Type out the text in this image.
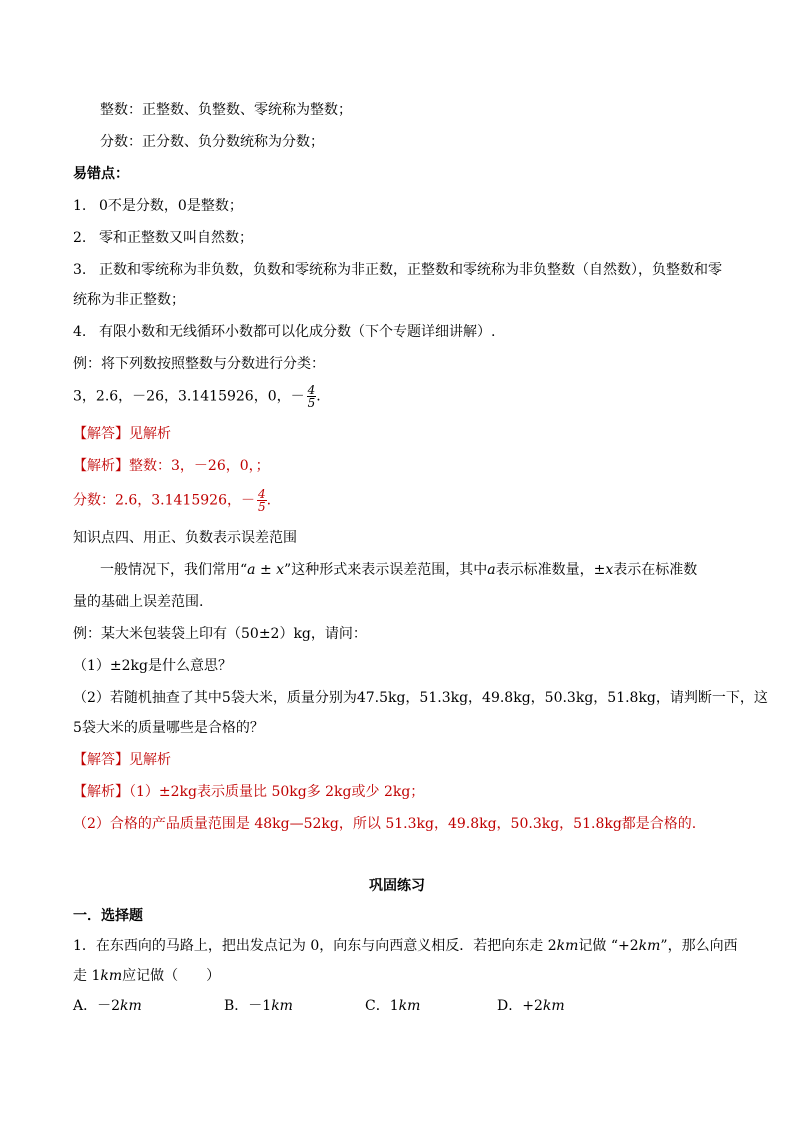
整数：正整数、负整数、零统称为整数；
分数：正分数、负分数统称为分数；
易错点：
1. 0不是分数，0是整数；
2. 零和正整数又叫自然数；
3. 正数和零统称为非负数，负数和零统称为非正数，正整数和零统称为非负整数（自然数），负整数和零
统称为非正整数；
4. 有限小数和无线循环小数都可以化成分数（下个专题详细讲解）.
例：将下列数按照整数与分数进行分类：
3，2.6，－26，3.1415926，0，－ $\frac{4}{5}$ .
【解答】见解析
【解析】整数：3，－26，0，；
分数：2.6，3.1415926，－ $\frac{4}{5}$ .
知识点四、用正、负数表示误差范围
一般情况下，我们常用“a ± x”这种形式来表示误差范围，其中a表示标准数量，±x表示在标准数
量的基础上误差范围.
例：某大米包装袋上印有（50±2）kg，请问：
（1）±2kg是什么意思？
（2）若随机抽查了其中5袋大米，质量分别为47.5kg，51.3kg，49.8kg，50.3kg，51.8kg，请判断一下，这
5袋大米的质量哪些是合格的？
【解答】见解析
【解析】（1）±2kg表示质量比 50kg多 2kg或少 2kg；
（2）合格的产品质量范围是 48kg—52kg，所以 51.3kg，49.8kg，50.3kg，51.8kg都是合格的.
巩固练习
一．选择题
1．在东西向的马路上，把出发点记为 0，向东与向西意义相反．若把向东走 2km记做 “+2km”，那么向西
走 1km应记做（　　）
A．－2km	B．－1km	C．1km	D．+2km
